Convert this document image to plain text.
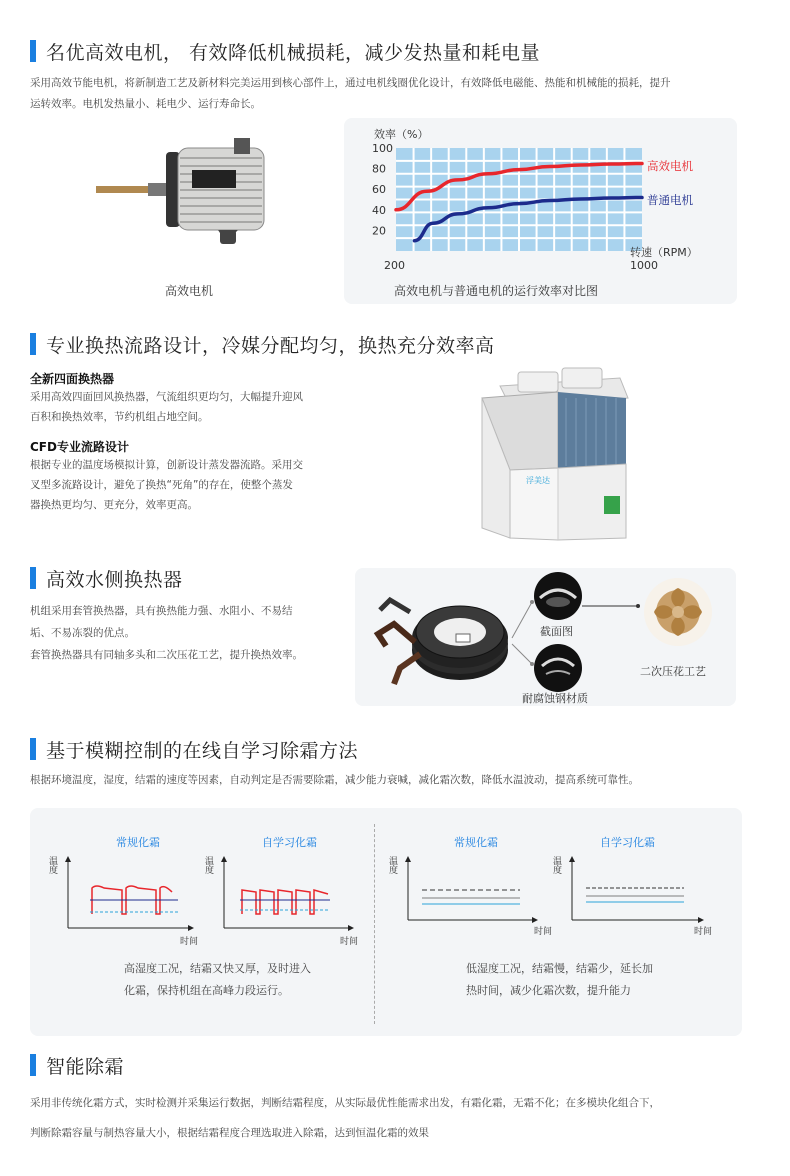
名优高效电机， 有效降低机械损耗，减少发热量和耗电量
采用高效节能电机，将新制造工艺及新材料完美运用到核心部件上，通过电机线圈优化设计，有效降低电磁能、热能和机械能的损耗，提升
运转效率。电机发热量小、耗电少、运行寿命长。
高效电机
100
80
60
40
20
200	1000
效率（%）
转速（RPM）
高效电机
普通电机
高效电机与普通电机的运行效率对比图
专业换热流路设计，冷媒分配均匀，换热充分效率高
全新四面换热器
采用高效四面回风换热器，气流组织更均匀，大幅提升迎风
百积和换热效率，节约机组占地空间。
CFD专业流路设计
根据专业的温度场模拟计算，创新设计蒸发器流路。采用交
叉型多流路设计，避免了换热“死角”的存在，使整个蒸发
器换热更均匀、更充分，效率更高。
浮美达
高效水侧换热器
机组采用套管换热器，具有换热能力强、水阻小、不易结
垢、不易冻裂的优点。
套管换热器具有同轴多头和二次压花工艺，提升换热效率。
截面图
耐腐蚀钢材质
二次压花工艺
基于模糊控制的在线自学习除霜方法
根据环境温度，湿度，结霜的速度等因素，自动判定是否需要除霜，减少能力衰喊，减化霜次数，降低水温波动，提高系统可靠性。
常规化霜
温度
时间
自学习化霜
温度
时间
常规化霜
温度
时间
自学习化霜
温度
时间
高湿度工况，结霜又快又厚，及时进入
化霜，保持机组在高峰力段运行。
低湿度工况，结霜慢，结霜少，延长加
热时间，减少化霜次数，提升能力
智能除霜
采用非传统化霜方式，实时检测并采集运行数据，判断结霜程度，从实际最优性能需求出发，有霜化霜，无霜不化；在多模块化组合下，
判断除霜容量与制热容量大小，根据结霜程度合理选取进入除霜，达到恒温化霜的效果
